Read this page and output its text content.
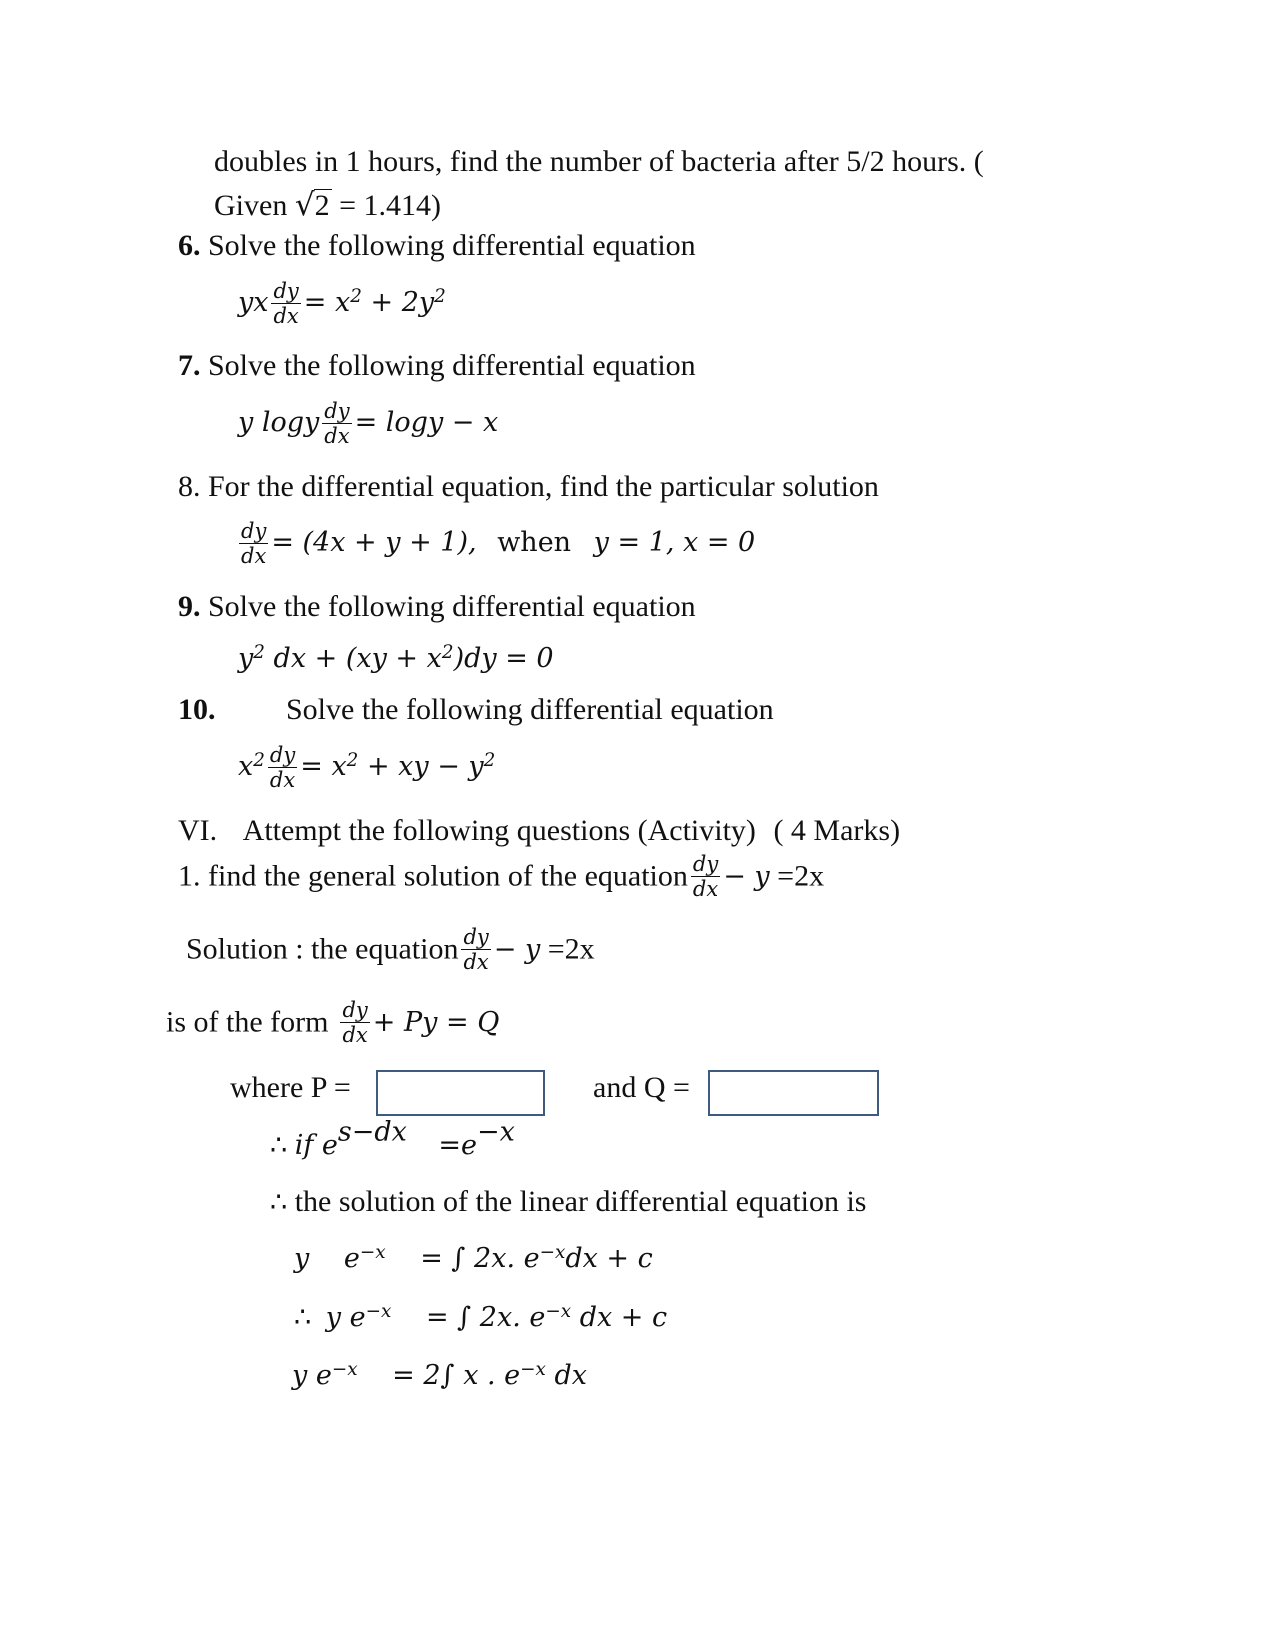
doubles in 1 hours, find the number of bacteria after 5/2 hours. (
Given √ 2 = 1.414)
6. Solve the following differential equation
yx $\frac{dy}{dx} = x^2 + 2y^2$
7. Solve the following differential equation
y logy $\frac{dy}{dx} = \log y - x$
8. For the differential equation, find the particular solution
$\frac{dy}{dx} = (4x + y + 1)$, when y = 1, x = 0
9. Solve the following differential equation
$y^2$ dx + $(xy + x^2)dy = 0$
10. Solve the following differential equation
$x^2 \frac{dy}{dx} = x^2$ + xy − $y^2$
VI. Attempt the following questions (Activity) ( 4 Marks)
1. find the general solution of the equation $\frac{dy}{dx} - y =2x$
Solution : the equation $\frac{dy}{dx} - y =2x$
is of the form $\frac{dy}{dx} + Py = Q$
where P =	and Q =
∴ if $e^{s-dx} =e^{-x}$
∴ the solution of the linear differential equation is
y $e^{-x}$ = ∫ 2x. $e^{-x}dx + c$
∴ y $e^{-x}$ = ∫ 2x. $e^{-x}$ dx + c
y $e^{-x} = 2\int$ x . $e^{-x}$ dx
